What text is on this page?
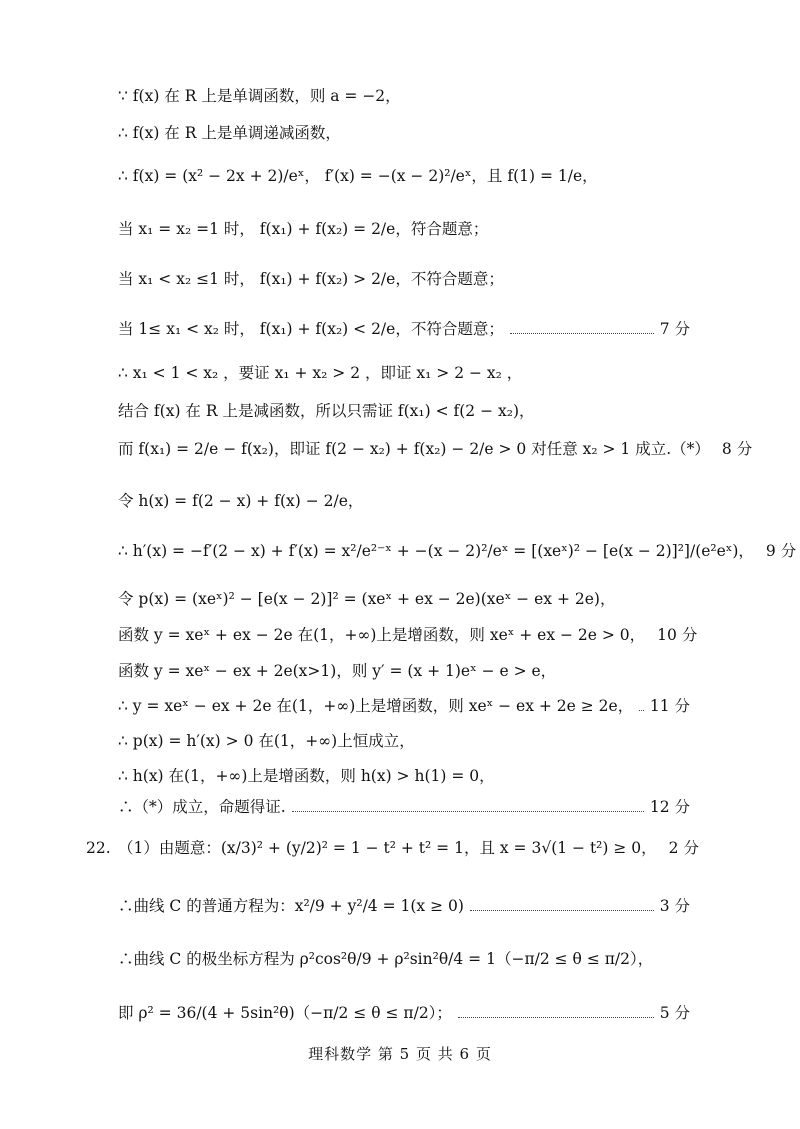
∵ f(x) 在 R 上是单调函数，则 a = −2，
∴ f(x) 在 R 上是单调递减函数，
∴ f(x) = (x² − 2x + 2)/eˣ， f′(x) = −(x − 2)²/eˣ，且 f(1) = 1/e，
当 x₁ = x₂ =1 时， f(x₁) + f(x₂) = 2/e，符合题意；
当 x₁ < x₂ ≤1 时， f(x₁) + f(x₂) > 2/e，不符合题意；
当 1≤ x₁ < x₂ 时， f(x₁) + f(x₂) < 2/e，不符合题意；	7 分
∴ x₁ < 1 < x₂ ，要证 x₁ + x₂ > 2 ，即证 x₁ > 2 − x₂ ，
结合 f(x) 在 R 上是减函数，所以只需证 f(x₁) < f(2 − x₂)，
而 f(x₁) = 2/e − f(x₂)，即证 f(2 − x₂) + f(x₂) − 2/e > 0 对任意 x₂ > 1 成立.（*） 8 分
令 h(x) = f(2 − x) + f(x) − 2/e，
∴ h′(x) = −f′(2 − x) + f′(x) = x²/e²⁻ˣ + −(x − 2)²/eˣ = [(xeˣ)² − [e(x − 2)]²]/(e²eˣ)， 9 分
令 p(x) = (xeˣ)² − [e(x − 2)]² = (xeˣ + ex − 2e)(xeˣ − ex + 2e)，
函数 y = xeˣ + ex − 2e 在(1，+∞)上是增函数，则 xeˣ + ex − 2e > 0， 10 分
函数 y = xeˣ − ex + 2e(x>1)，则 y′ = (x + 1)eˣ − e > e，
∴ y = xeˣ − ex + 2e 在(1，+∞)上是增函数，则 xeˣ − ex + 2e ≥ 2e， 11 分
∴ p(x) = h′(x) > 0 在(1，+∞)上恒成立，
∴ h(x) 在(1，+∞)上是增函数，则 h(x) > h(1) = 0，
∴（*）成立，命题得证.	12 分
22. （1）由题意：(x/3)² + (y/2)² = 1 − t² + t² = 1，且 x = 3√(1 − t²) ≥ 0， 2 分
∴曲线 C 的普通方程为：x²/9 + y²/4 = 1(x ≥ 0)	3 分
∴曲线 C 的极坐标方程为 ρ²cos²θ/9 + ρ²sin²θ/4 = 1（−π/2 ≤ θ ≤ π/2），
即 ρ² = 36/(4 + 5sin²θ)（−π/2 ≤ θ ≤ π/2）；	5 分
理科数学 第 5 页 共 6 页
